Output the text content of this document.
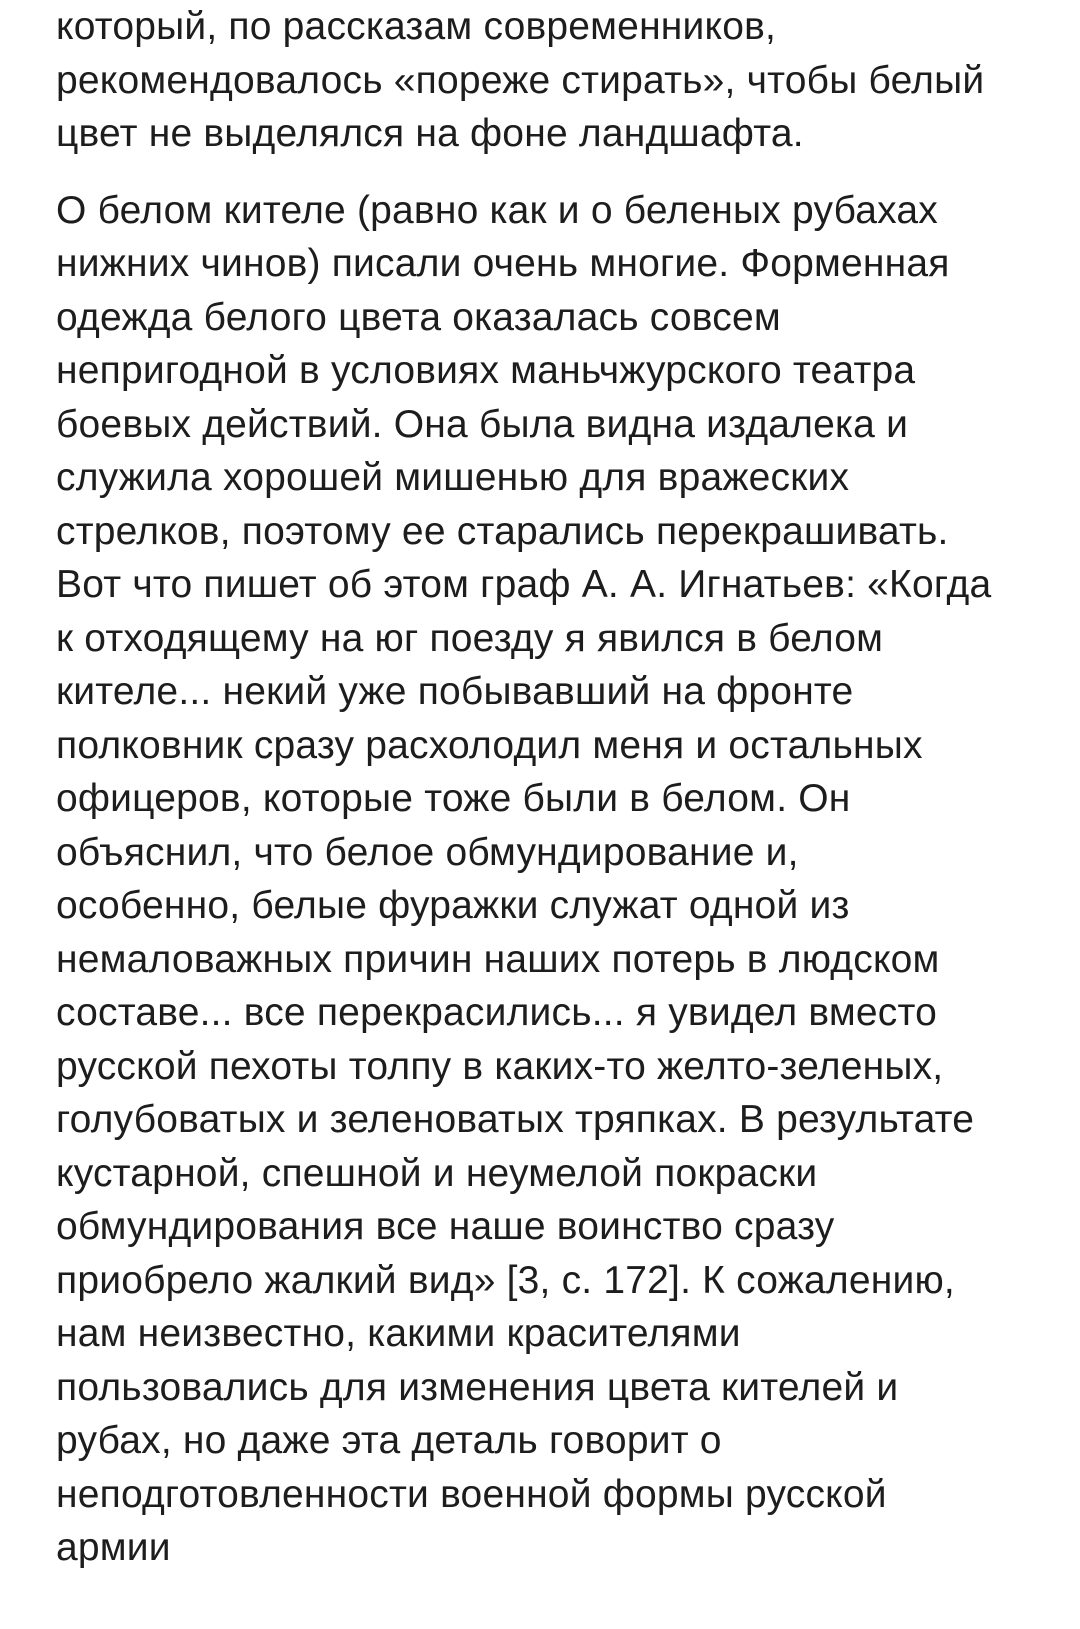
который, по рассказам современников,
рекомендовалось «пореже стирать», чтобы белый
цвет не выделялся на фоне ландшафта.

О белом кителе (равно как и о беленых рубахах
нижних чинов) писали очень многие. Форменная
одежда белого цвета оказалась совсем
непригодной в условиях маньчжурского театра
боевых действий. Она была видна издалека и
служила хорошей мишенью для вражеских
стрелков, поэтому ее старались перекрашивать.
Вот что пишет об этом граф А. А. Игнатьев: «Когда
к отходящему на юг поезду я явился в белом
кителе... некий уже побывавший на фронте
полковник сразу расхолодил меня и остальных
офицеров, которые тоже были в белом. Он
объяснил, что белое обмундирование и,
особенно, белые фуражки служат одной из
немаловажных причин наших потерь в людском
составе... все перекрасились... я увидел вместо
русской пехоты толпу в каких-то желто-зеленых,
голубоватых и зеленоватых тряпках. В результате
кустарной, спешной и неумелой покраски
обмундирования все наше воинство сразу
приобрело жалкий вид» [3, с. 172]. К сожалению,
нам неизвестно, какими красителями
пользовались для изменения цвета кителей и
рубах, но даже эта деталь говорит о
неподготовленности военной формы русской
армии
